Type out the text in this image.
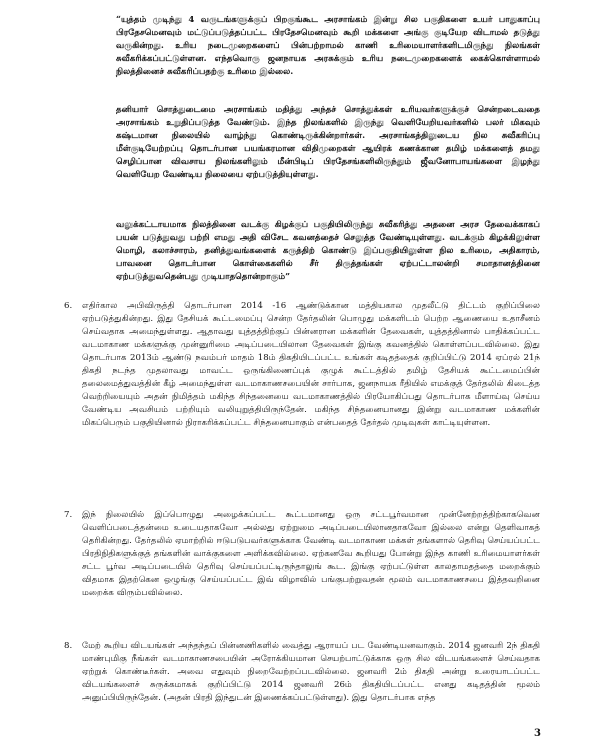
“யுத்தம் முடிந்து 4 வருடங்களுக்குப் பிறகுங்கூட அரசாங்கம் இன்று சில பகுதிகளை உயர் பாதுகாப்பு பிரதேசமெனவும் மட்டுப்படுத்தப்பட்ட பிரதேசமெனவும் கூறி மக்களை அங்கு குடியேற விடாமல் தடுத்து வருகின்றது. உரிய நடைமுறைகளைப் பின்பற்றாமல் காணி உரிமையாளர்களிடமிருந்து நிலங்கள் சுவீகரிக்கப்பட்டுள்ளன. எந்தவொரு ஜனநாயக அரசுக்கும் உரிய நடைமுறைகளைக் கைக்கொள்ளாமல் நிலத்தினைச் சுவீகரிப்பதற்கு உரிமை இல்லை.

தனியார் சொத்துடைமை அரசாங்கம் மதித்து அந்தச் சொத்துக்கள் உரியவர்களுக்குச் சென்றடைவதை அரசாங்கம் உறுதிப்படுத்த வேண்டும். இந்த நிலங்களில் இருந்து வெளியேறியவர்களில் பலர் மிகவும் கஷ்டமான நிலையில் வாழ்ந்து கொண்டிருக்கின்றார்கள். அரசாங்கத்திலுடைய நில சுவீகரிப்பு மீள்குடியேற்றப்பு தொடர்பான பயங்கரமான விதிமுறைகள் ஆயிரக் கணக்கான தமிழ் மக்களைத் தமது செழிப்பான விவசாய நிலங்களிலும் மீன்பிடிப் பிரதேசங்களிலிருந்தும் ஜீவனோபாயங்களை இழந்து வெளியேற வேண்டிய நிலையை ஏற்படுத்தியுள்ளது.

வலுக்கட்டாயமாக நிலத்தினை வடக்கு கிழக்குப் பகுதியிலிருந்து சுவீகரித்து அதனை அரச தேவைக்காகப் பயன் படுத்துவது பற்றி எமது அதி விசேட கவனத்தைச் செலுத்த வேண்டியுள்ளது. வடக்கும் கிழக்கிலுள்ள மொழி, கலாச்சாரம், தனித்துவங்களைக் கருத்திற் கொண்டு இப்பகுதியிலுள்ள நில உரிமை, அதிகாரம், பாவனை தொடர்பான கொள்கைகளில் சீர் திருத்தங்கள் ஏற்பட்டாலன்றி சமாதானத்தினை ஏற்படுத்துவதென்பது முடியாததொன்றாகும்”

6.	எதிர்கால அபிவிருத்தி தொடர்பான 2014 -16 ஆண்டுக்கான மத்தியகால முதலீட்டு திட்டம் குறிப்பிலை ஏற்படுத்துகின்றது. இது தேசியக் கூட்டமைப்பு சென்ற தேர்தலின் பொழுது மக்களிடம் பெற்ற ஆணையை உதாசீனம் செய்வதாக அமைந்துள்ளது. ஆதாவது யுத்தத்திற்குப் பின்னரான மக்களின் தேவைகள், யுத்தத்தினால் பாதிக்கப்பட்ட வடமாகாண மக்களுக்கு முன்னுரிமை அடிப்படையிலான தேவைகள் இங்கு கவனத்தில் கொள்ளப்படவில்லை. இது தொடர்பாக 2013ம் ஆண்டு நவம்பர் மாதம் 18ம் திகதியிடப்பட்ட உங்கள் கடிதத்தைக் குறிப்பிட்டு 2014 ஏப்ரல் 21ந் திகதி நடந்த முதலாவது மாவட்ட ஒருங்கிணைப்புக் குழுக் கூட்டத்தில் தமிழ் தேசியக் கூட்டமைப்பின் தலைமைத்துவத்தின் கீழ் அமைந்துள்ள வடமாகாணசபையின் சார்பாக, ஜனநாயக ரீதியில் எமக்குத் தேர்தலில் கிடைத்த வெற்றியையும் அதன் நிமித்தம் மகிந்த சிந்தனையை வடமாகாணத்தில் பிரயோகிப்பது தொடர்பாக மீளாய்வு செய்ய வேண்டிய அவசியம் பற்றியும் வலியுறுத்தியிருந்தேன். மகிந்த சிந்தனையானது இன்று வடமாகாண மக்களின் மிகப்பெரும் பகுதியினால் நிராகரிக்கப்பட்ட சிந்தனையாகும் என்பதைத் தேர்தல் முடிவுகள் காட்டியுள்ளன.
7.	இந் நிலையில் இப்பொழுது அழைக்கப்பட்ட கூட்டமானது ஒரு சட்டபூர்வமான முன்னேற்றத்திற்காகவென வெளிப்படைத்தன்மை உடையதாகவோ அல்லது ஏற்றுமை அடிப்படையிலானதாகவோ இல்லை என்று தெளிவாகத் தெரிகின்றது. தேர்தலில் ஏமாற்றில் ஈடுபடுபவர்களுக்காக வேண்டி வடமாகாண மக்கள் தங்களால் தெரிவு செய்யப்பட்ட பிரதிநிதிகளுக்குத் தங்களின் வாக்குகளை அளிக்கவில்லை. ஏற்கனவே கூறியது போன்று இந்த காணி உரிமையாளர்கள் சட்ட பூர்வ அடிப்படையில் தெரிவு செய்யப்பட்டிருந்தாலுங் கூட. இங்கு ஏற்பட்டுள்ள காலதாமதத்தை மறைக்கும் விதமாக இதற்கென ஒழுங்கு செய்யப்பட்ட இவ் விழாவில் பங்குபற்றுவதன் மூலம் வடமாகாணசபை இத்தவறினை மறைக்க விரும்பவில்லை.
8.	மேற் கூறிய விடயங்கள் அந்தந்தப் பின்னணிகளில் வைத்து ஆராயப் பட வேண்டியனவாகும். 2014 ஜனவரி 2ந் திகதி மாண்புமிகு நீங்கள் வடமாகாணசபையின் அரோக்கியமான செயற்பாட்டுக்காக ஒரு சில விடயங்களைச் செய்வதாக ஏற்றுக் கொண்டீர்கள். அவை எதுவும் நிறைவேற்றப்படவில்லை. ஜனவரி 2ம் திகதி அன்று உரையாடப்பட்ட விடயங்களைச் சுருக்கமாகக் குறிப்பிட்டு 2014 ஜனவரி 26ம் திகதியிடப்பட்ட எனது கடிதத்தின் மூலம் அனுப்பியிருந்தேன். (அதன் பிரதி இந்துடன் இணைக்கப்பட்டுள்ளது). இது தொடர்பாக எந்த
3
